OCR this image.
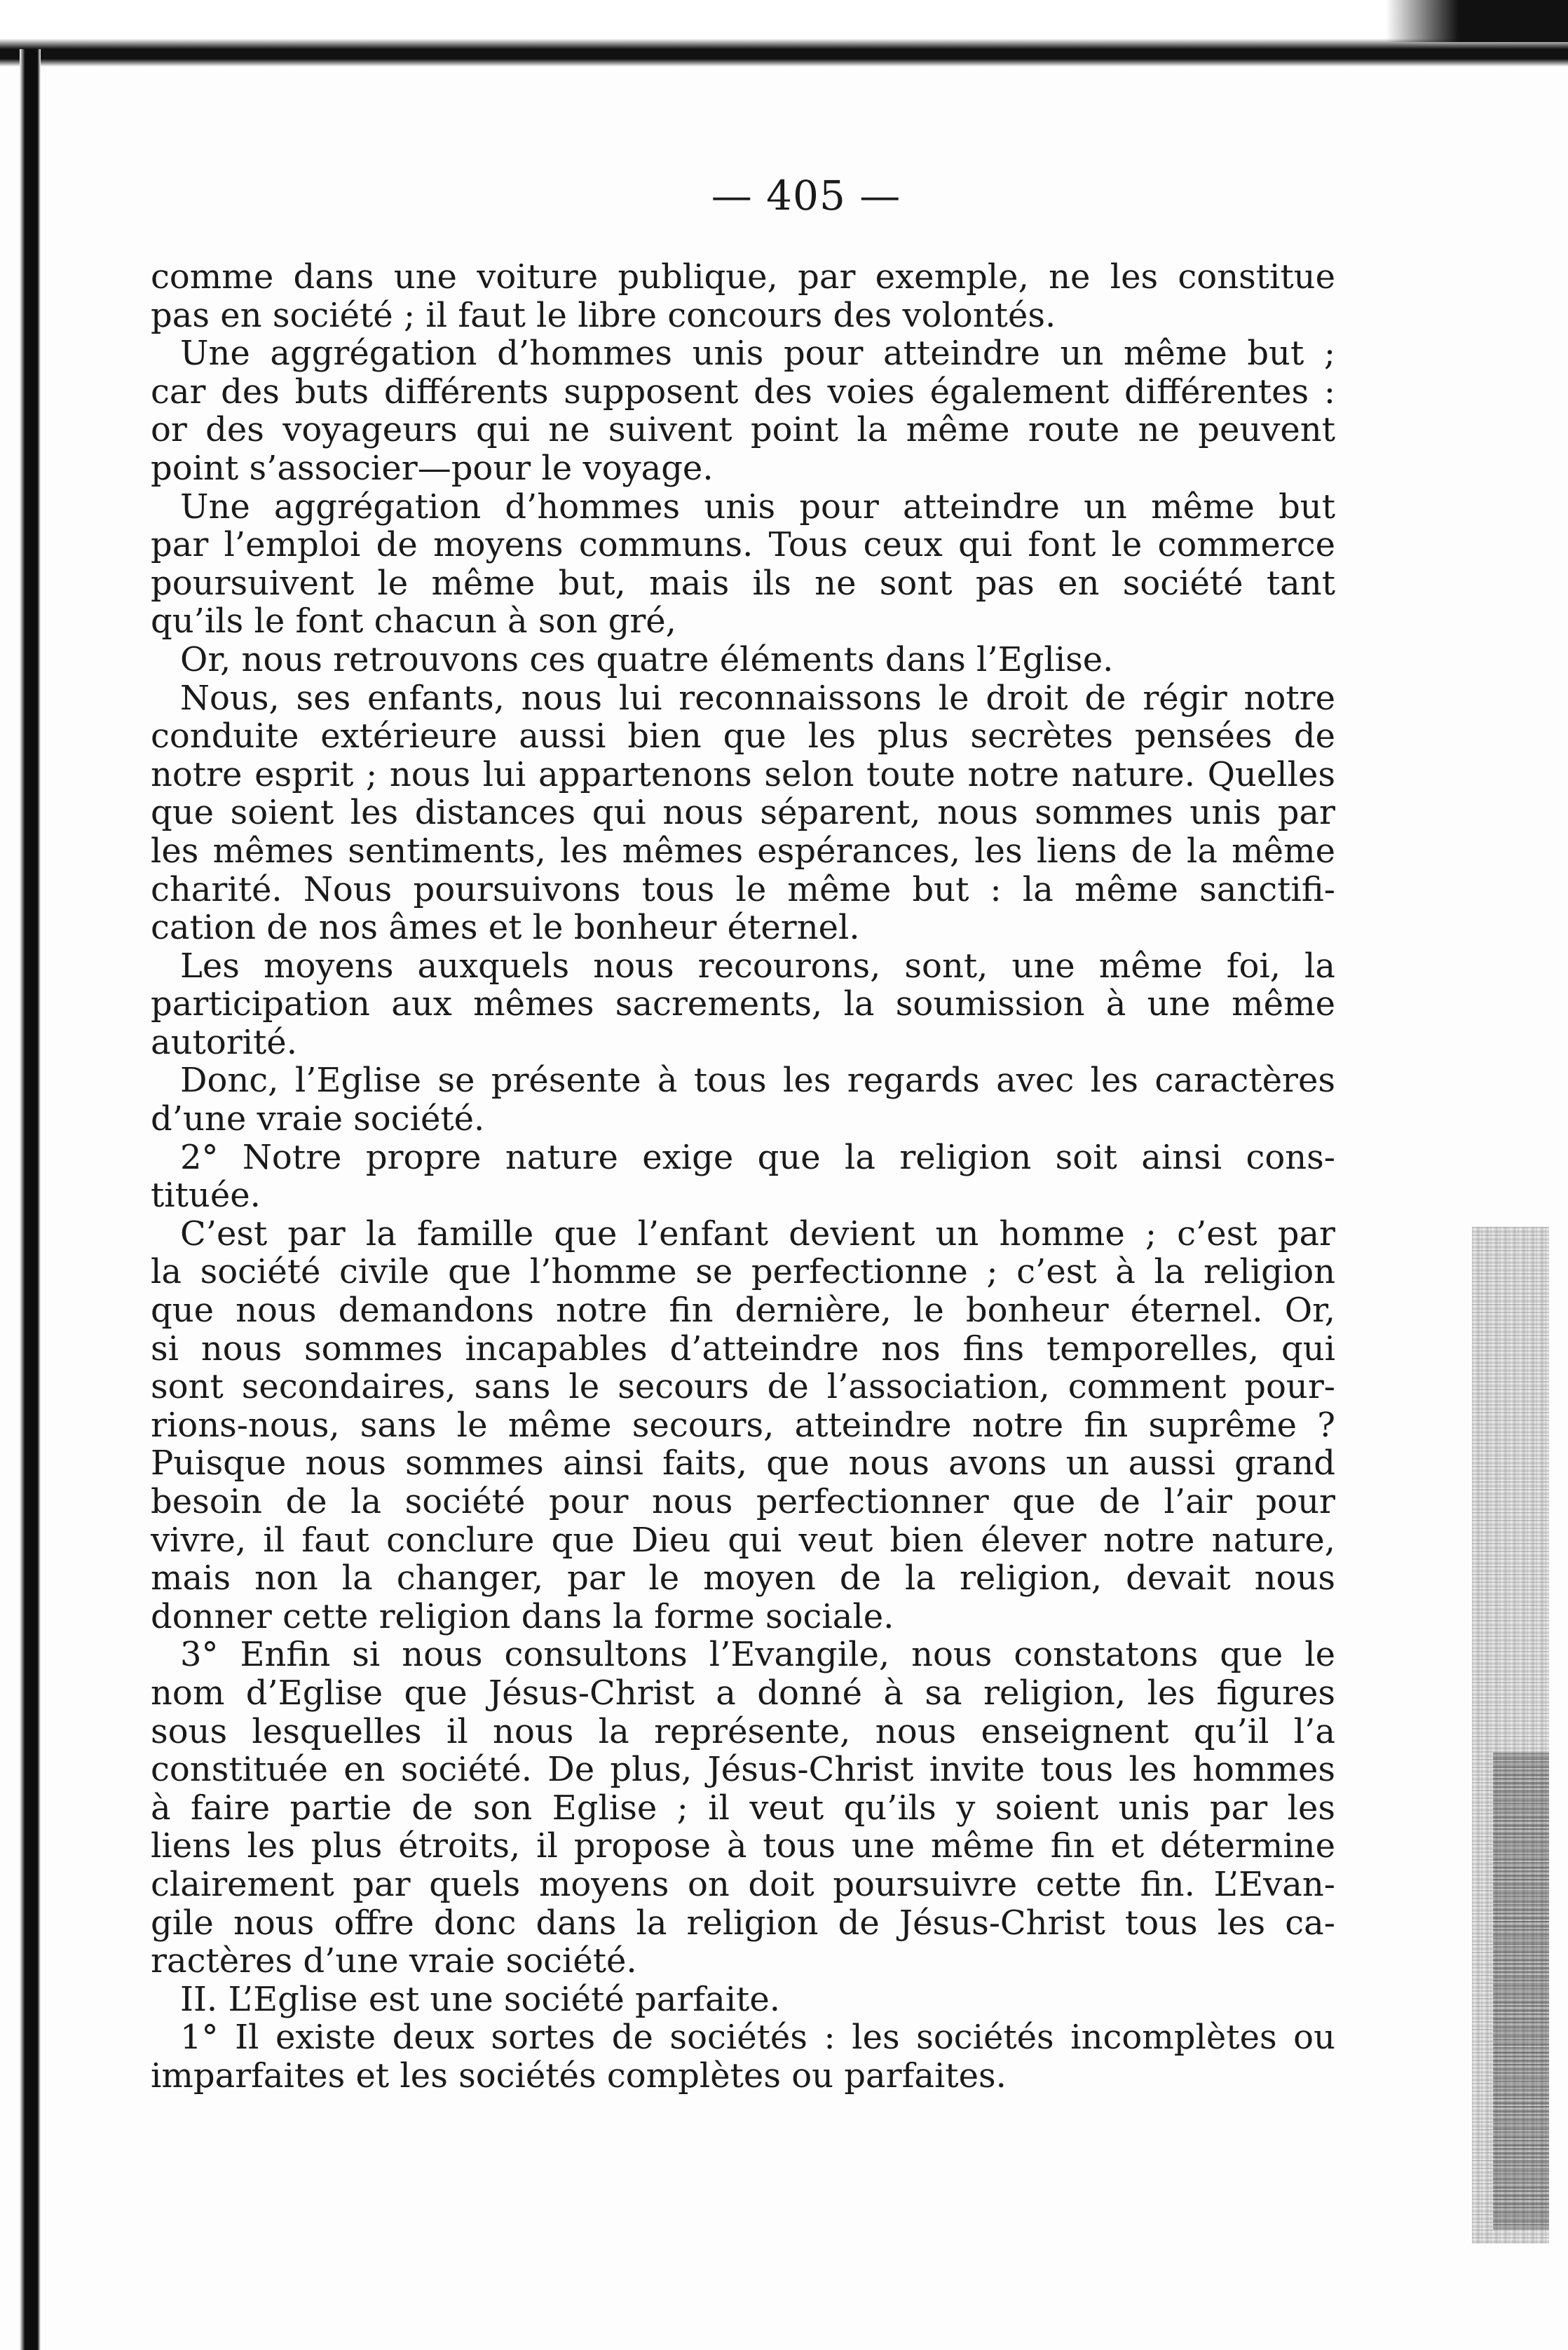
— 405 —
comme dans une voiture publique, par exemple, ne les constitue
pas en société ; il faut le libre concours des volontés.
Une aggrégation d’hommes unis pour atteindre un même but ;
car des buts différents supposent des voies également différentes :
or des voyageurs qui ne suivent point la même route ne peuvent
point s’associer—pour le voyage.
Une aggrégation d’hommes unis pour atteindre un même but
par l’emploi de moyens communs. Tous ceux qui font le commerce
poursuivent le même but, mais ils ne sont pas en société tant
qu’ils le font chacun à son gré,
Or, nous retrouvons ces quatre éléments dans l’Eglise.
Nous, ses enfants, nous lui reconnaissons le droit de régir notre
conduite extérieure aussi bien que les plus secrètes pensées de
notre esprit ; nous lui appartenons selon toute notre nature. Quelles
que soient les distances qui nous séparent, nous sommes unis par
les mêmes sentiments, les mêmes espérances, les liens de la même
charité. Nous poursuivons tous le même but : la même sanctifi-
cation de nos âmes et le bonheur éternel.
Les moyens auxquels nous recourons, sont, une même foi, la
participation aux mêmes sacrements, la soumission à une même
autorité.
Donc, l’Eglise se présente à tous les regards avec les caractères
d’une vraie société.
2° Notre propre nature exige que la religion soit ainsi cons-
tituée.
C’est par la famille que l’enfant devient un homme ; c’est par
la société civile que l’homme se perfectionne ; c’est à la religion
que nous demandons notre fin dernière, le bonheur éternel. Or,
si nous sommes incapables d’atteindre nos fins temporelles, qui
sont secondaires, sans le secours de l’association, comment pour-
rions-nous, sans le même secours, atteindre notre fin suprême ?
Puisque nous sommes ainsi faits, que nous avons un aussi grand
besoin de la société pour nous perfectionner que de l’air pour
vivre, il faut conclure que Dieu qui veut bien élever notre nature,
mais non la changer, par le moyen de la religion, devait nous
donner cette religion dans la forme sociale.
3° Enfin si nous consultons l’Evangile, nous constatons que le
nom d’Eglise que Jésus-Christ a donné à sa religion, les figures
sous lesquelles il nous la représente, nous enseignent qu’il l’a
constituée en société. De plus, Jésus-Christ invite tous les hommes
à faire partie de son Eglise ; il veut qu’ils y soient unis par les
liens les plus étroits, il propose à tous une même fin et détermine
clairement par quels moyens on doit poursuivre cette fin. L’Evan-
gile nous offre donc dans la religion de Jésus-Christ tous les ca-
ractères d’une vraie société.
II. L’Eglise est une société parfaite.
1° Il existe deux sortes de sociétés : les sociétés incomplètes ou
imparfaites et les sociétés complètes ou parfaites.
